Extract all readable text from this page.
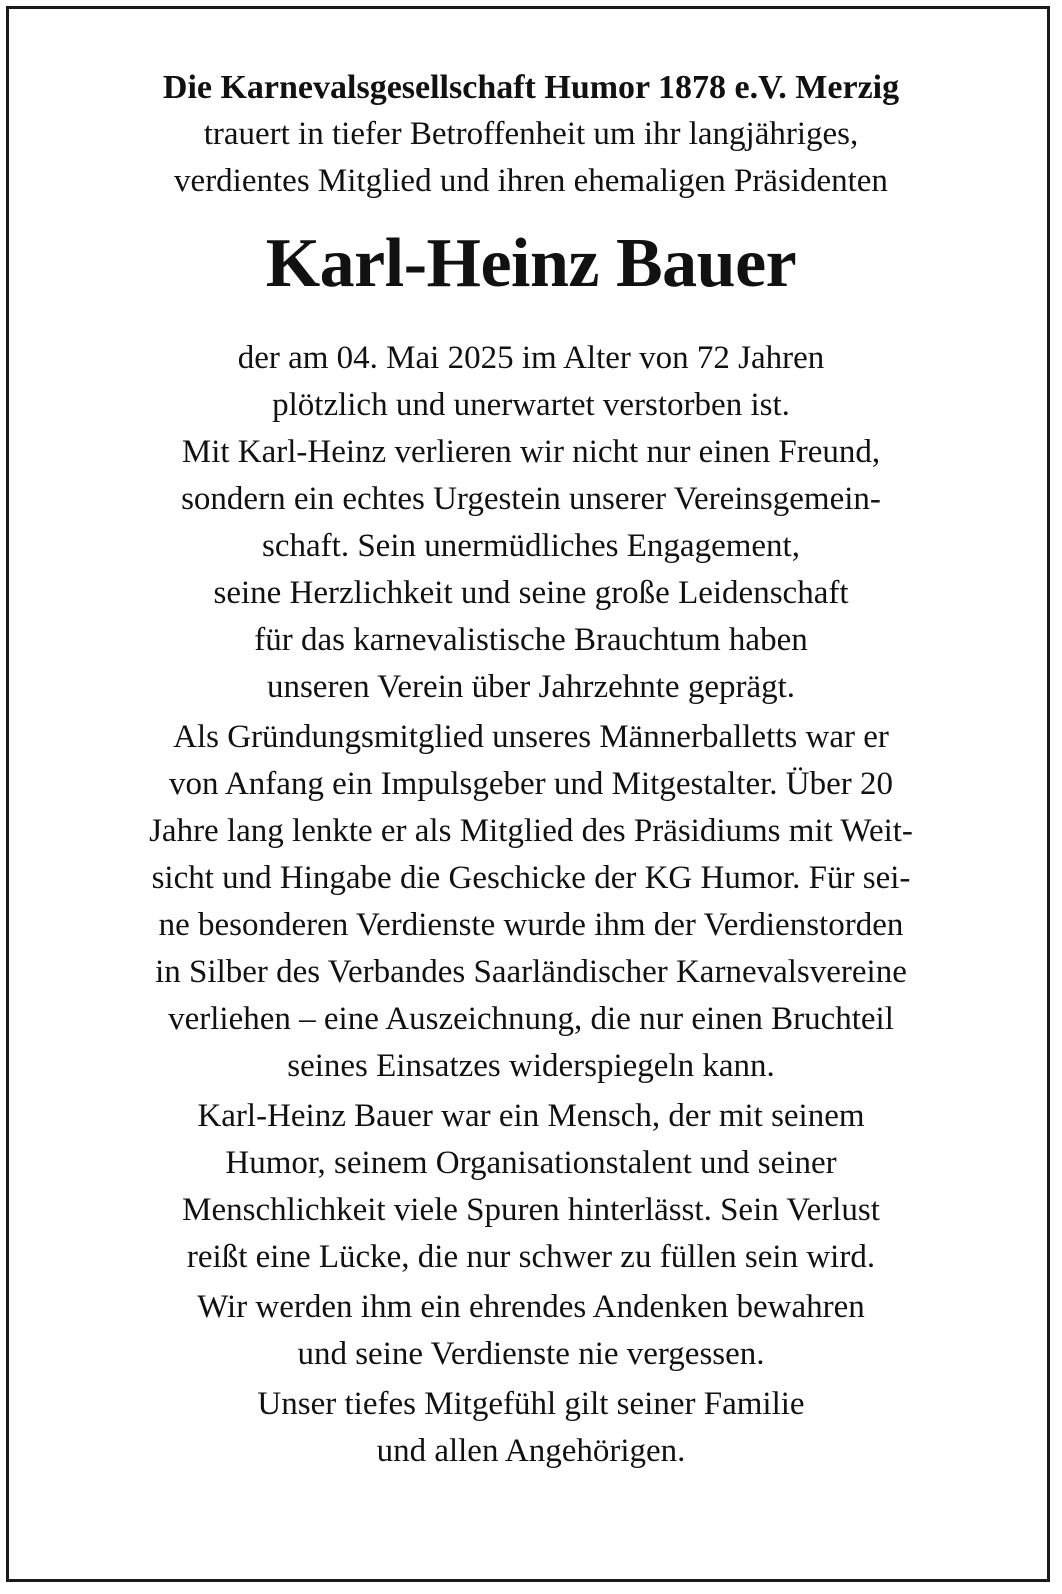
Die Karnevalsgesellschaft Humor 1878 e.V. Merzig
trauert in tiefer Betroffenheit um ihr langjähriges,
verdientes Mitglied und ihren ehemaligen Präsidenten
Karl-Heinz Bauer
der am 04. Mai 2025 im Alter von 72 Jahren
plötzlich und unerwartet verstorben ist.
Mit Karl-Heinz verlieren wir nicht nur einen Freund,
sondern ein echtes Urgestein unserer Vereinsgemein-
schaft. Sein unermüdliches Engagement,
seine Herzlichkeit und seine große Leidenschaft
für das karnevalistische Brauchtum haben
unseren Verein über Jahrzehnte geprägt.
Als Gründungsmitglied unseres Männerballetts war er
von Anfang ein Impulsgeber und Mitgestalter. Über 20
Jahre lang lenkte er als Mitglied des Präsidiums mit Weit-
sicht und Hingabe die Geschicke der KG Humor. Für sei-
ne besonderen Verdienste wurde ihm der Verdienstorden
in Silber des Verbandes Saarländischer Karnevalsvereine
verliehen – eine Auszeichnung, die nur einen Bruchteil
seines Einsatzes widerspiegeln kann.
Karl-Heinz Bauer war ein Mensch, der mit seinem
Humor, seinem Organisationstalent und seiner
Menschlichkeit viele Spuren hinterlässt. Sein Verlust
reißt eine Lücke, die nur schwer zu füllen sein wird.
Wir werden ihm ein ehrendes Andenken bewahren
und seine Verdienste nie vergessen.
Unser tiefes Mitgefühl gilt seiner Familie
und allen Angehörigen.
